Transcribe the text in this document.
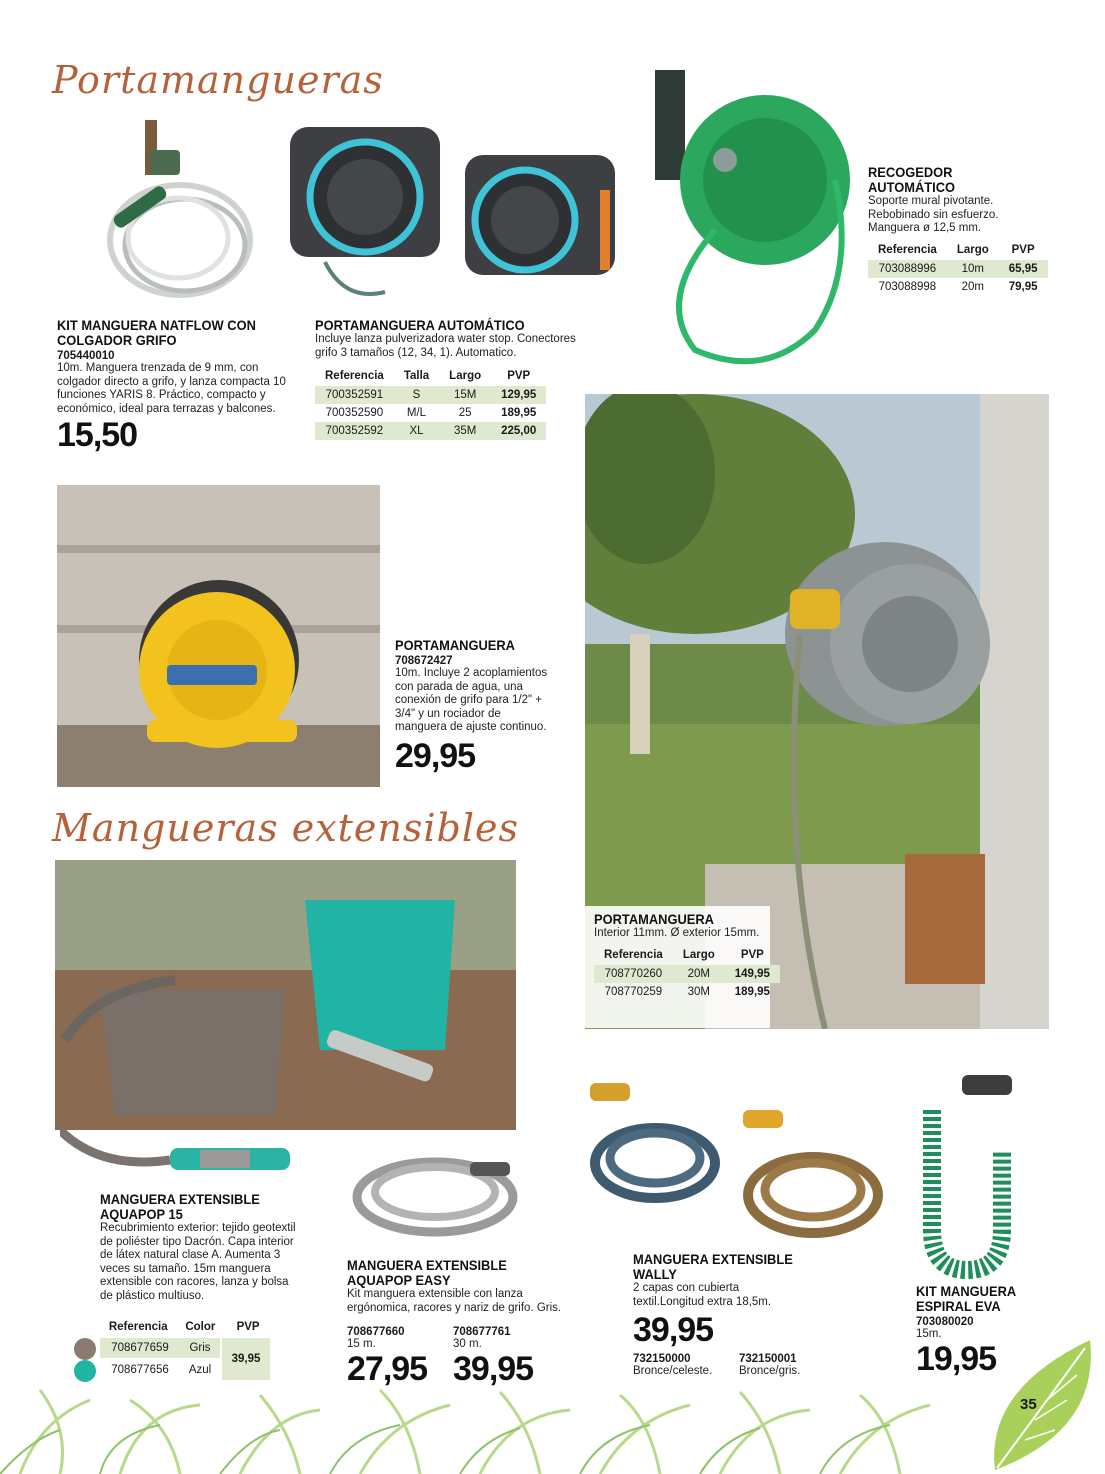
Portamangueras
Mangueras extensibles
KIT MANGUERA NATFLOW CON COLGADOR GRIFO
705440010
10m. Manguera trenzada de 9 mm, con colgador directo a grifo, y lanza compacta 10 funciones YARIS 8. Práctico, compacto y económico, ideal para terrazas y balcones.
15,50
PORTAMANGUERA AUTOMÁTICO
Incluye lanza pulverizadora water stop. Conectores grifo 3 tamaños (12, 34, 1). Automatico.
Referencia	Talla	Largo	PVP
700352591	S	15M	129,95
700352590	M/L	25	189,95
700352592	XL	35M	225,00
RECOGEDOR AUTOMÁTICO
Soporte mural pivotante. Rebobinado sin esfuerzo. Manguera ø 12,5 mm.
Referencia	Largo	PVP
703088996	10m	65,95
703088998	20m	79,95
PORTAMANGUERA
708672427
10m. Incluye 2 acoplamientos con parada de agua, una conexión de grifo para 1/2" + 3/4" y un rociador de manguera de ajuste continuo.
29,95
PORTAMANGUERA
Interior 11mm. Ø exterior 15mm.
Referencia	Largo	PVP
708770260	20M	149,95
708770259	30M	189,95
MANGUERA EXTENSIBLE AQUAPOP 15
Recubrimiento exterior: tejido geotextil de poliéster tipo Dacrón. Capa interior de látex natural clase A. Aumenta 3 veces su tamaño. 15m manguera extensible con racores, lanza y bolsa de plástico multiuso.
Referencia	Color	PVP
708677659	Gris
708677656	Azul
39,95
MANGUERA EXTENSIBLE AQUAPOP EASY
Kit manguera extensible con lanza ergónomica, racores y nariz de grifo. Gris.
708677660
15 m.
27,95
708677761
30 m.
39,95
MANGUERA EXTENSIBLE WALLY
2 capas con cubierta textil.Longitud extra 18,5m.
39,95
732150000
Bronce/celeste.
732150001
Bronce/gris.
KIT MANGUERA ESPIRAL EVA
703080020
15m.
19,95
35
